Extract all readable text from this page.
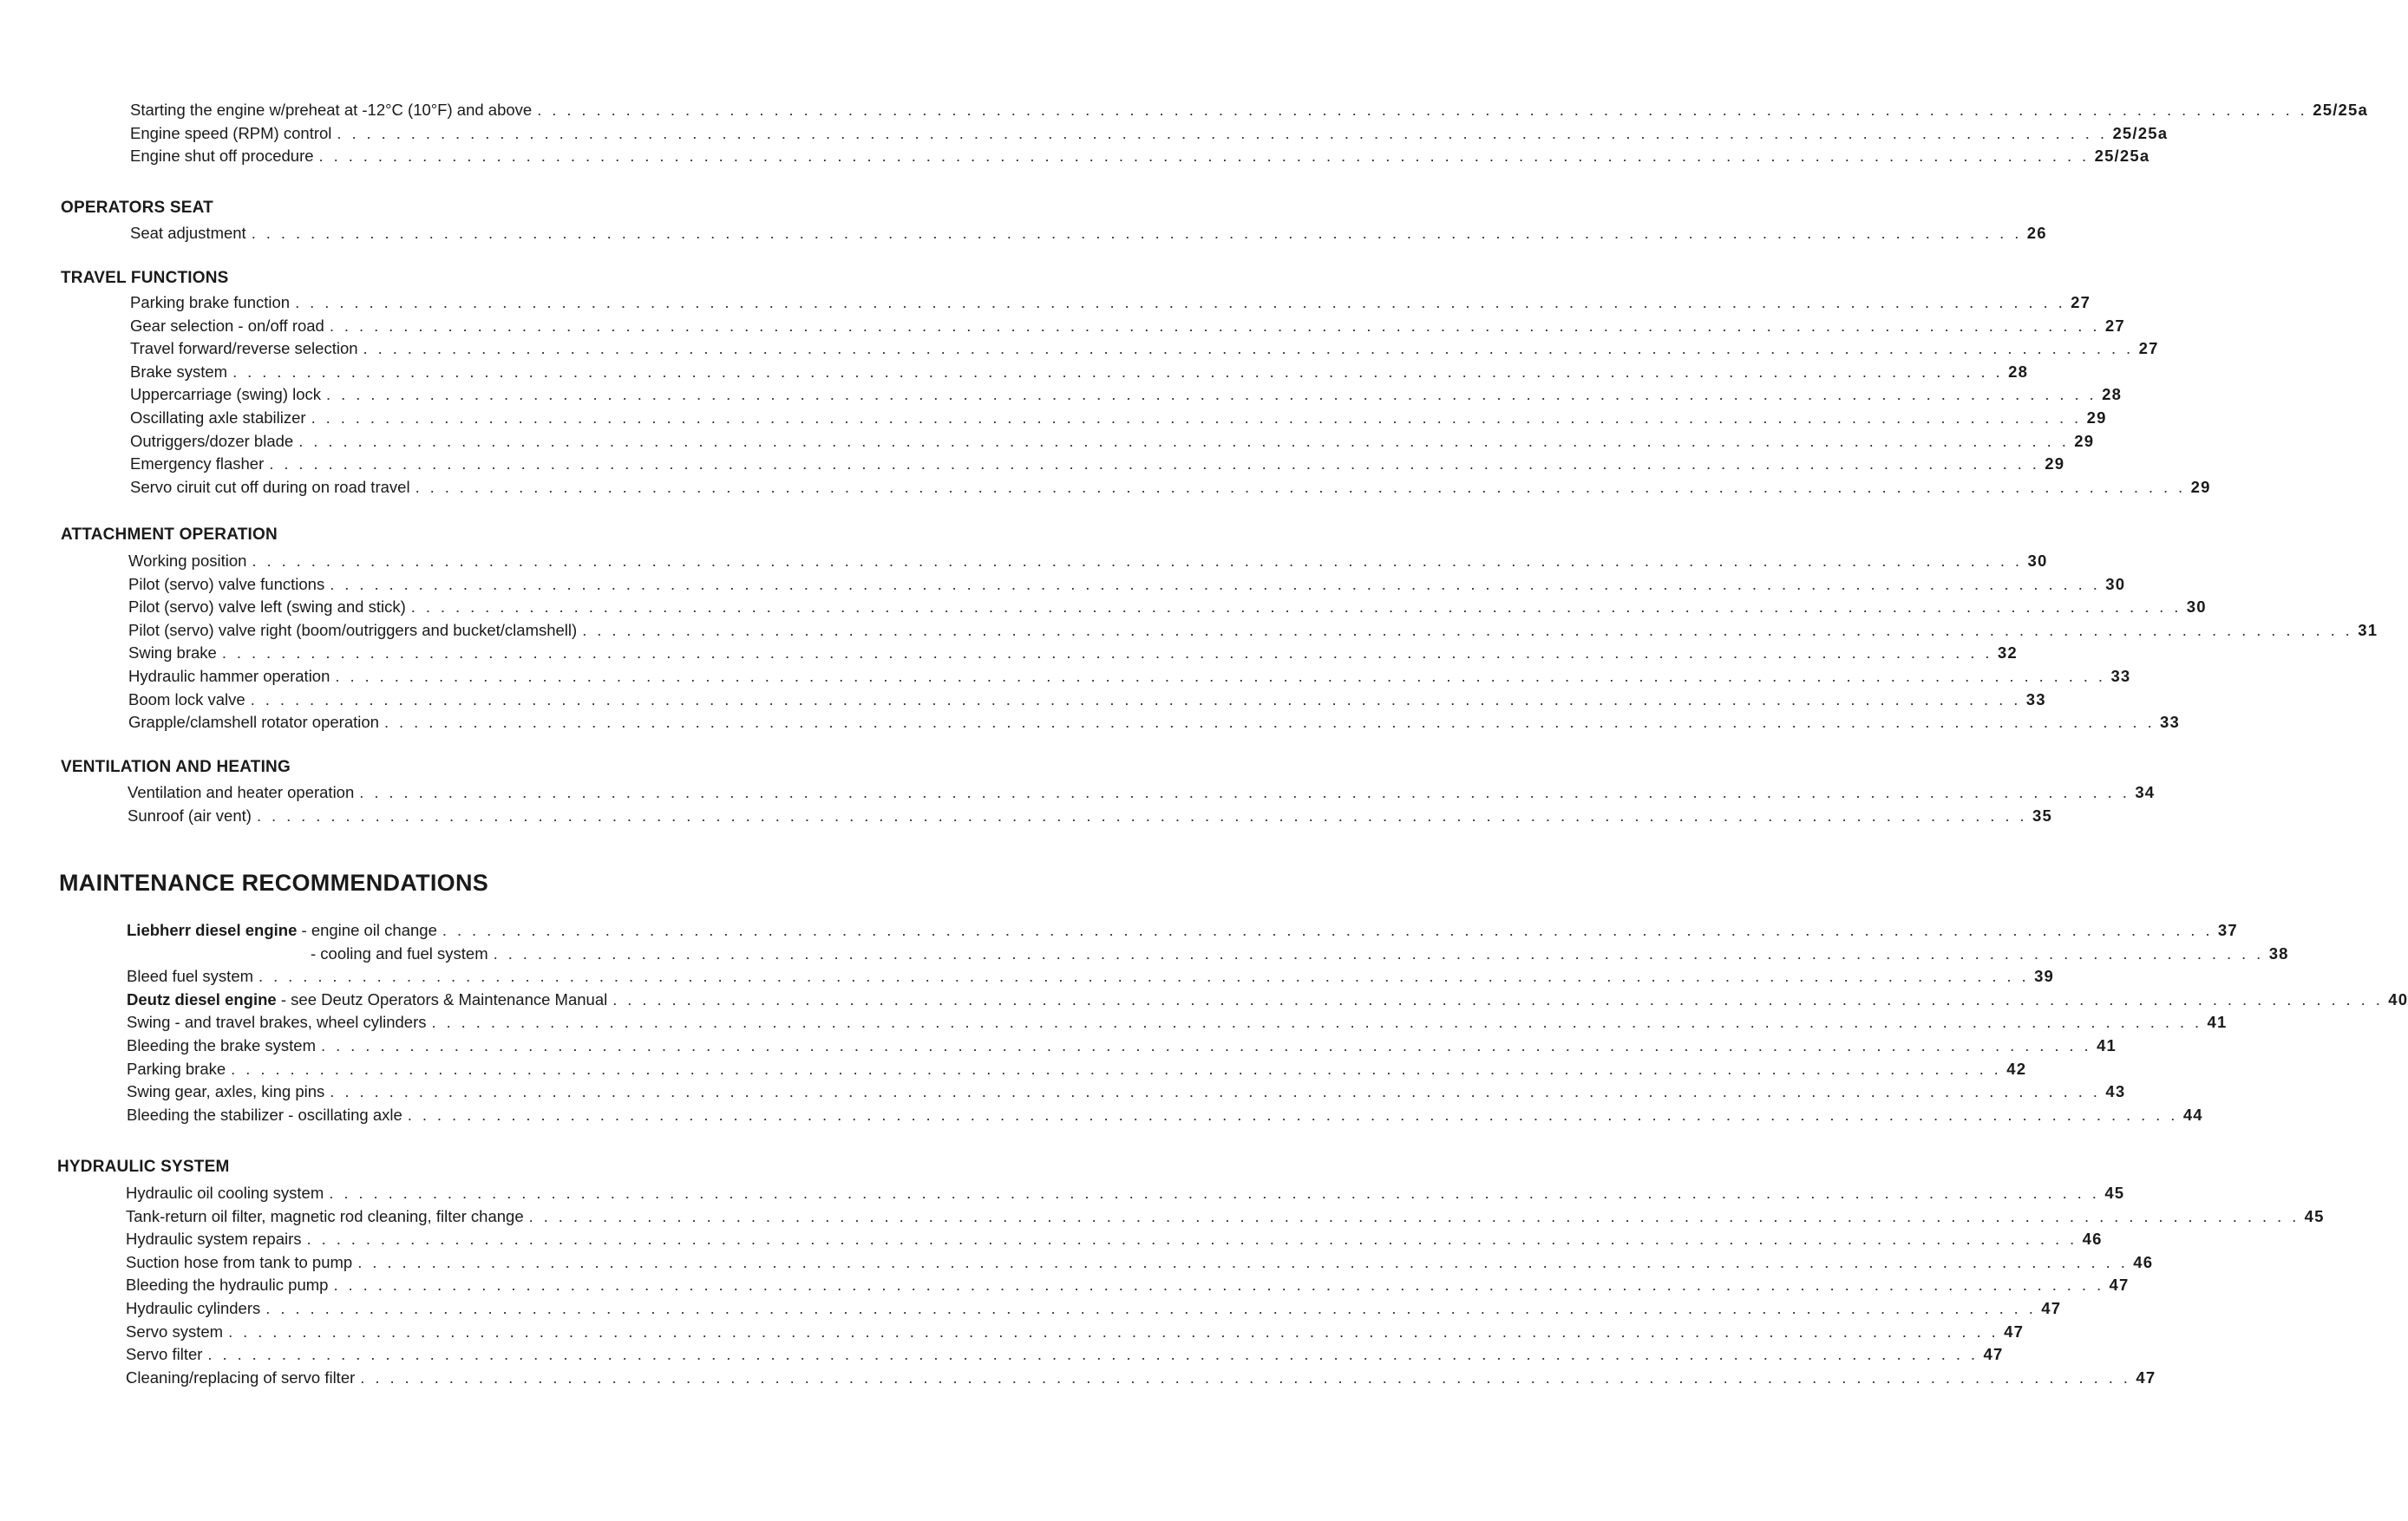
Starting the engine w/preheat at -12°C (10°F) and above . . . . . . . . . . . . . . . . . . . . . . . . . . . . . . . . . . . . . . . . . . . . . . . . . . . . . . . . . . . . . . . . . . . . . . . . . . . . . . . . . . . . . . . . . . . . . . . . . . . . . . . . . . . . . . . . . . . . . . . . 25/25a
Engine speed (RPM) control . . . . . . . . . . . . . . . . . . . . . . . . . . . . . . . . . . . . . . . . . . . . . . . . . . . . . . . . . . . . . . . . . . . . . . . . . . . . . . . . . . . . . . . . . . . . . . . . . . . . . . . . . . . . . . . . . . . . . . . . 25/25a
Engine shut off procedure . . . . . . . . . . . . . . . . . . . . . . . . . . . . . . . . . . . . . . . . . . . . . . . . . . . . . . . . . . . . . . . . . . . . . . . . . . . . . . . . . . . . . . . . . . . . . . . . . . . . . . . . . . . . . . . . . . . . . . . . 25/25a
OPERATORS SEAT
Seat adjustment . . . . . . . . . . . . . . . . . . . . . . . . . . . . . . . . . . . . . . . . . . . . . . . . . . . . . . . . . . . . . . . . . . . . . . . . . . . . . . . . . . . . . . . . . . . . . . . . . . . . . . . . . . . . . . . . . . . . . . . . 26
TRAVEL FUNCTIONS
Parking brake function . . . . . . . . . . . . . . . . . . . . . . . . . . . . . . . . . . . . . . . . . . . . . . . . . . . . . . . . . . . . . . . . . . . . . . . . . . . . . . . . . . . . . . . . . . . . . . . . . . . . . . . . . . . . . . . . . . . . . . . . 27
Gear selection - on/off road . . . . . . . . . . . . . . . . . . . . . . . . . . . . . . . . . . . . . . . . . . . . . . . . . . . . . . . . . . . . . . . . . . . . . . . . . . . . . . . . . . . . . . . . . . . . . . . . . . . . . . . . . . . . . . . . . . . . . . . . 27
Travel forward/reverse selection . . . . . . . . . . . . . . . . . . . . . . . . . . . . . . . . . . . . . . . . . . . . . . . . . . . . . . . . . . . . . . . . . . . . . . . . . . . . . . . . . . . . . . . . . . . . . . . . . . . . . . . . . . . . . . . . . . . . . . . . 27
Brake system . . . . . . . . . . . . . . . . . . . . . . . . . . . . . . . . . . . . . . . . . . . . . . . . . . . . . . . . . . . . . . . . . . . . . . . . . . . . . . . . . . . . . . . . . . . . . . . . . . . . . . . . . . . . . . . . . . . . . . . . 28
Uppercarriage (swing) lock . . . . . . . . . . . . . . . . . . . . . . . . . . . . . . . . . . . . . . . . . . . . . . . . . . . . . . . . . . . . . . . . . . . . . . . . . . . . . . . . . . . . . . . . . . . . . . . . . . . . . . . . . . . . . . . . . . . . . . . . 28
Oscillating axle stabilizer . . . . . . . . . . . . . . . . . . . . . . . . . . . . . . . . . . . . . . . . . . . . . . . . . . . . . . . . . . . . . . . . . . . . . . . . . . . . . . . . . . . . . . . . . . . . . . . . . . . . . . . . . . . . . . . . . . . . . . . . 29
Outriggers/dozer blade . . . . . . . . . . . . . . . . . . . . . . . . . . . . . . . . . . . . . . . . . . . . . . . . . . . . . . . . . . . . . . . . . . . . . . . . . . . . . . . . . . . . . . . . . . . . . . . . . . . . . . . . . . . . . . . . . . . . . . . . 29
Emergency flasher . . . . . . . . . . . . . . . . . . . . . . . . . . . . . . . . . . . . . . . . . . . . . . . . . . . . . . . . . . . . . . . . . . . . . . . . . . . . . . . . . . . . . . . . . . . . . . . . . . . . . . . . . . . . . . . . . . . . . . . . 29
Servo ciruit cut off during on road travel . . . . . . . . . . . . . . . . . . . . . . . . . . . . . . . . . . . . . . . . . . . . . . . . . . . . . . . . . . . . . . . . . . . . . . . . . . . . . . . . . . . . . . . . . . . . . . . . . . . . . . . . . . . . . . . . . . . . . . . . 29
ATTACHMENT OPERATION
Working position . . . . . . . . . . . . . . . . . . . . . . . . . . . . . . . . . . . . . . . . . . . . . . . . . . . . . . . . . . . . . . . . . . . . . . . . . . . . . . . . . . . . . . . . . . . . . . . . . . . . . . . . . . . . . . . . . . . . . . . . 30
Pilot (servo) valve functions . . . . . . . . . . . . . . . . . . . . . . . . . . . . . . . . . . . . . . . . . . . . . . . . . . . . . . . . . . . . . . . . . . . . . . . . . . . . . . . . . . . . . . . . . . . . . . . . . . . . . . . . . . . . . . . . . . . . . . . . 30
Pilot (servo) valve left (swing and stick) . . . . . . . . . . . . . . . . . . . . . . . . . . . . . . . . . . . . . . . . . . . . . . . . . . . . . . . . . . . . . . . . . . . . . . . . . . . . . . . . . . . . . . . . . . . . . . . . . . . . . . . . . . . . . . . . . . . . . . . . 30
Pilot (servo) valve right (boom/outriggers and bucket/clamshell) . . . . . . . . . . . . . . . . . . . . . . . . . . . . . . . . . . . . . . . . . . . . . . . . . . . . . . . . . . . . . . . . . . . . . . . . . . . . . . . . . . . . . . . . . . . . . . . . . . . . . . . . . . . . . . . . . . . . . . . . 31
Swing brake . . . . . . . . . . . . . . . . . . . . . . . . . . . . . . . . . . . . . . . . . . . . . . . . . . . . . . . . . . . . . . . . . . . . . . . . . . . . . . . . . . . . . . . . . . . . . . . . . . . . . . . . . . . . . . . . . . . . . . . . 32
Hydraulic hammer operation . . . . . . . . . . . . . . . . . . . . . . . . . . . . . . . . . . . . . . . . . . . . . . . . . . . . . . . . . . . . . . . . . . . . . . . . . . . . . . . . . . . . . . . . . . . . . . . . . . . . . . . . . . . . . . . . . . . . . . . . 33
Boom lock valve . . . . . . . . . . . . . . . . . . . . . . . . . . . . . . . . . . . . . . . . . . . . . . . . . . . . . . . . . . . . . . . . . . . . . . . . . . . . . . . . . . . . . . . . . . . . . . . . . . . . . . . . . . . . . . . . . . . . . . . . 33
Grapple/clamshell rotator operation . . . . . . . . . . . . . . . . . . . . . . . . . . . . . . . . . . . . . . . . . . . . . . . . . . . . . . . . . . . . . . . . . . . . . . . . . . . . . . . . . . . . . . . . . . . . . . . . . . . . . . . . . . . . . . . . . . . . . . . . 33
VENTILATION AND HEATING
Ventilation and heater operation . . . . . . . . . . . . . . . . . . . . . . . . . . . . . . . . . . . . . . . . . . . . . . . . . . . . . . . . . . . . . . . . . . . . . . . . . . . . . . . . . . . . . . . . . . . . . . . . . . . . . . . . . . . . . . . . . . . . . . . . 34
Sunroof (air vent) . . . . . . . . . . . . . . . . . . . . . . . . . . . . . . . . . . . . . . . . . . . . . . . . . . . . . . . . . . . . . . . . . . . . . . . . . . . . . . . . . . . . . . . . . . . . . . . . . . . . . . . . . . . . . . . . . . . . . . . . 35
MAINTENANCE RECOMMENDATIONS
Liebherr diesel engine - engine oil change . . . . . . . . . . . . . . . . . . . . . . . . . . . . . . . . . . . . . . . . . . . . . . . . . . . . . . . . . . . . . . . . . . . . . . . . . . . . . . . . . . . . . . . . . . . . . . . . . . . . . . . . . . . . . . . . . . . . . . . . 37
- cooling and fuel system . . . . . . . . . . . . . . . . . . . . . . . . . . . . . . . . . . . . . . . . . . . . . . . . . . . . . . . . . . . . . . . . . . . . . . . . . . . . . . . . . . . . . . . . . . . . . . . . . . . . . . . . . . . . . . . . . . . . . . . . 38
Bleed fuel system . . . . . . . . . . . . . . . . . . . . . . . . . . . . . . . . . . . . . . . . . . . . . . . . . . . . . . . . . . . . . . . . . . . . . . . . . . . . . . . . . . . . . . . . . . . . . . . . . . . . . . . . . . . . . . . . . . . . . . . . 39
Deutz diesel engine - see Deutz Operators & Maintenance Manual . . . . . . . . . . . . . . . . . . . . . . . . . . . . . . . . . . . . . . . . . . . . . . . . . . . . . . . . . . . . . . . . . . . . . . . . . . . . . . . . . . . . . . . . . . . . . . . . . . . . . . . . . . . . . . . . . . . . . . . . 40
Swing - and travel brakes, wheel cylinders . . . . . . . . . . . . . . . . . . . . . . . . . . . . . . . . . . . . . . . . . . . . . . . . . . . . . . . . . . . . . . . . . . . . . . . . . . . . . . . . . . . . . . . . . . . . . . . . . . . . . . . . . . . . . . . . . . . . . . . . 41
Bleeding the brake system . . . . . . . . . . . . . . . . . . . . . . . . . . . . . . . . . . . . . . . . . . . . . . . . . . . . . . . . . . . . . . . . . . . . . . . . . . . . . . . . . . . . . . . . . . . . . . . . . . . . . . . . . . . . . . . . . . . . . . . . 41
Parking brake . . . . . . . . . . . . . . . . . . . . . . . . . . . . . . . . . . . . . . . . . . . . . . . . . . . . . . . . . . . . . . . . . . . . . . . . . . . . . . . . . . . . . . . . . . . . . . . . . . . . . . . . . . . . . . . . . . . . . . . . 42
Swing gear, axles, king pins . . . . . . . . . . . . . . . . . . . . . . . . . . . . . . . . . . . . . . . . . . . . . . . . . . . . . . . . . . . . . . . . . . . . . . . . . . . . . . . . . . . . . . . . . . . . . . . . . . . . . . . . . . . . . . . . . . . . . . . . 43
Bleeding the stabilizer - oscillating axle . . . . . . . . . . . . . . . . . . . . . . . . . . . . . . . . . . . . . . . . . . . . . . . . . . . . . . . . . . . . . . . . . . . . . . . . . . . . . . . . . . . . . . . . . . . . . . . . . . . . . . . . . . . . . . . . . . . . . . . . 44
HYDRAULIC SYSTEM
Hydraulic oil cooling system . . . . . . . . . . . . . . . . . . . . . . . . . . . . . . . . . . . . . . . . . . . . . . . . . . . . . . . . . . . . . . . . . . . . . . . . . . . . . . . . . . . . . . . . . . . . . . . . . . . . . . . . . . . . . . . . . . . . . . . . 45
Tank-return oil filter, magnetic rod cleaning, filter change . . . . . . . . . . . . . . . . . . . . . . . . . . . . . . . . . . . . . . . . . . . . . . . . . . . . . . . . . . . . . . . . . . . . . . . . . . . . . . . . . . . . . . . . . . . . . . . . . . . . . . . . . . . . . . . . . . . . . . . . 45
Hydraulic system repairs . . . . . . . . . . . . . . . . . . . . . . . . . . . . . . . . . . . . . . . . . . . . . . . . . . . . . . . . . . . . . . . . . . . . . . . . . . . . . . . . . . . . . . . . . . . . . . . . . . . . . . . . . . . . . . . . . . . . . . . . 46
Suction hose from tank to pump . . . . . . . . . . . . . . . . . . . . . . . . . . . . . . . . . . . . . . . . . . . . . . . . . . . . . . . . . . . . . . . . . . . . . . . . . . . . . . . . . . . . . . . . . . . . . . . . . . . . . . . . . . . . . . . . . . . . . . . . 46
Bleeding the hydraulic pump . . . . . . . . . . . . . . . . . . . . . . . . . . . . . . . . . . . . . . . . . . . . . . . . . . . . . . . . . . . . . . . . . . . . . . . . . . . . . . . . . . . . . . . . . . . . . . . . . . . . . . . . . . . . . . . . . . . . . . . . 47
Hydraulic cylinders . . . . . . . . . . . . . . . . . . . . . . . . . . . . . . . . . . . . . . . . . . . . . . . . . . . . . . . . . . . . . . . . . . . . . . . . . . . . . . . . . . . . . . . . . . . . . . . . . . . . . . . . . . . . . . . . . . . . . . . . 47
Servo system . . . . . . . . . . . . . . . . . . . . . . . . . . . . . . . . . . . . . . . . . . . . . . . . . . . . . . . . . . . . . . . . . . . . . . . . . . . . . . . . . . . . . . . . . . . . . . . . . . . . . . . . . . . . . . . . . . . . . . . . 47
Servo filter . . . . . . . . . . . . . . . . . . . . . . . . . . . . . . . . . . . . . . . . . . . . . . . . . . . . . . . . . . . . . . . . . . . . . . . . . . . . . . . . . . . . . . . . . . . . . . . . . . . . . . . . . . . . . . . . . . . . . . . . 47
Cleaning/replacing of servo filter . . . . . . . . . . . . . . . . . . . . . . . . . . . . . . . . . . . . . . . . . . . . . . . . . . . . . . . . . . . . . . . . . . . . . . . . . . . . . . . . . . . . . . . . . . . . . . . . . . . . . . . . . . . . . . . . . . . . . . . . 47
